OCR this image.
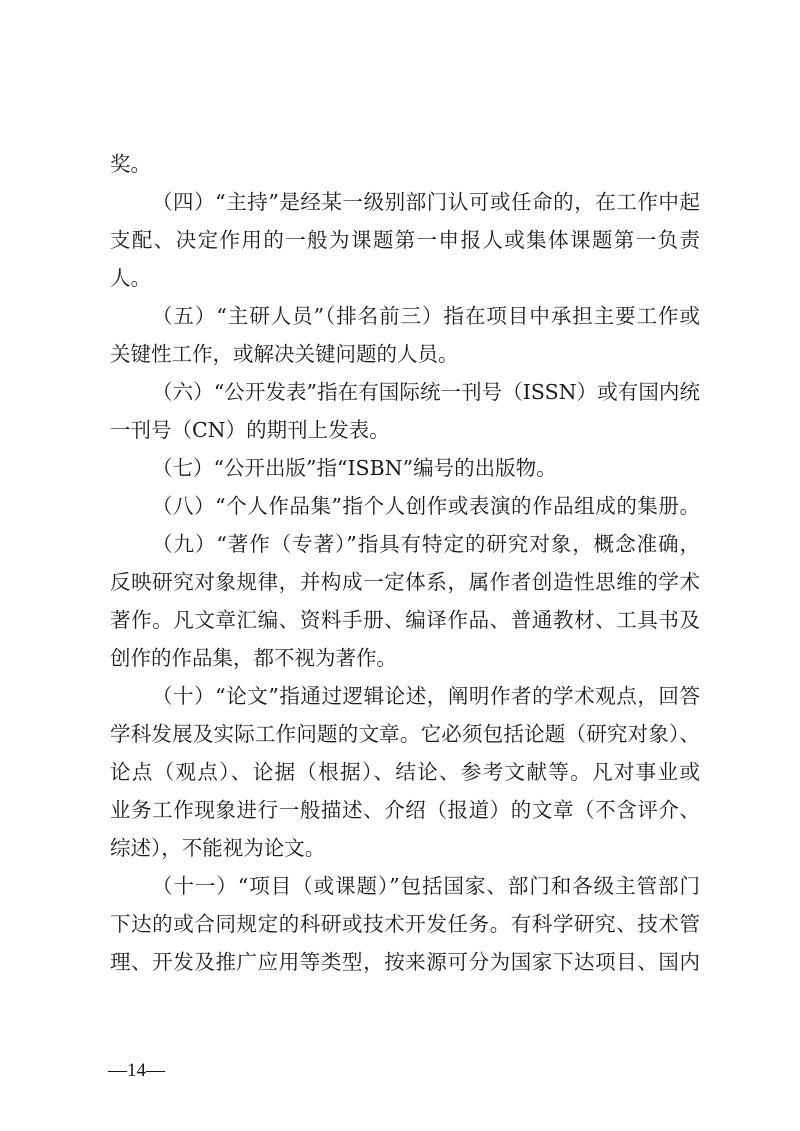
奖。
（四）“主持”是经某一级别部门认可或任命的，在工作中起
支配、决定作用的一般为课题第一申报人或集体课题第一负责
人。
（五）“主研人员”（排名前三）指在项目中承担主要工作或
关键性工作，或解决关键问题的人员。
（六）“公开发表”指在有国际统一刊号（ISSN）或有国内统
一刊号（CN）的期刊上发表。
（七）“公开出版”指“ISBN”编号的出版物。
（八）“个人作品集”指个人创作或表演的作品组成的集册。
（九）“著作（专著）”指具有特定的研究对象，概念准确，
反映研究对象规律，并构成一定体系，属作者创造性思维的学术
著作。凡文章汇编、资料手册、编译作品、普通教材、工具书及
创作的作品集，都不视为著作。
（十）“论文”指通过逻辑论述，阐明作者的学术观点，回答
学科发展及实际工作问题的文章。它必须包括论题（研究对象）、
论点（观点）、论据（根据）、结论、参考文献等。凡对事业或
业务工作现象进行一般描述、介绍（报道）的文章（不含评介、
综述），不能视为论文。
（十一）“项目（或课题）”包括国家、部门和各级主管部门
下达的或合同规定的科研或技术开发任务。有科学研究、技术管
理、开发及推广应用等类型，按来源可分为国家下达项目、国内
—14—
